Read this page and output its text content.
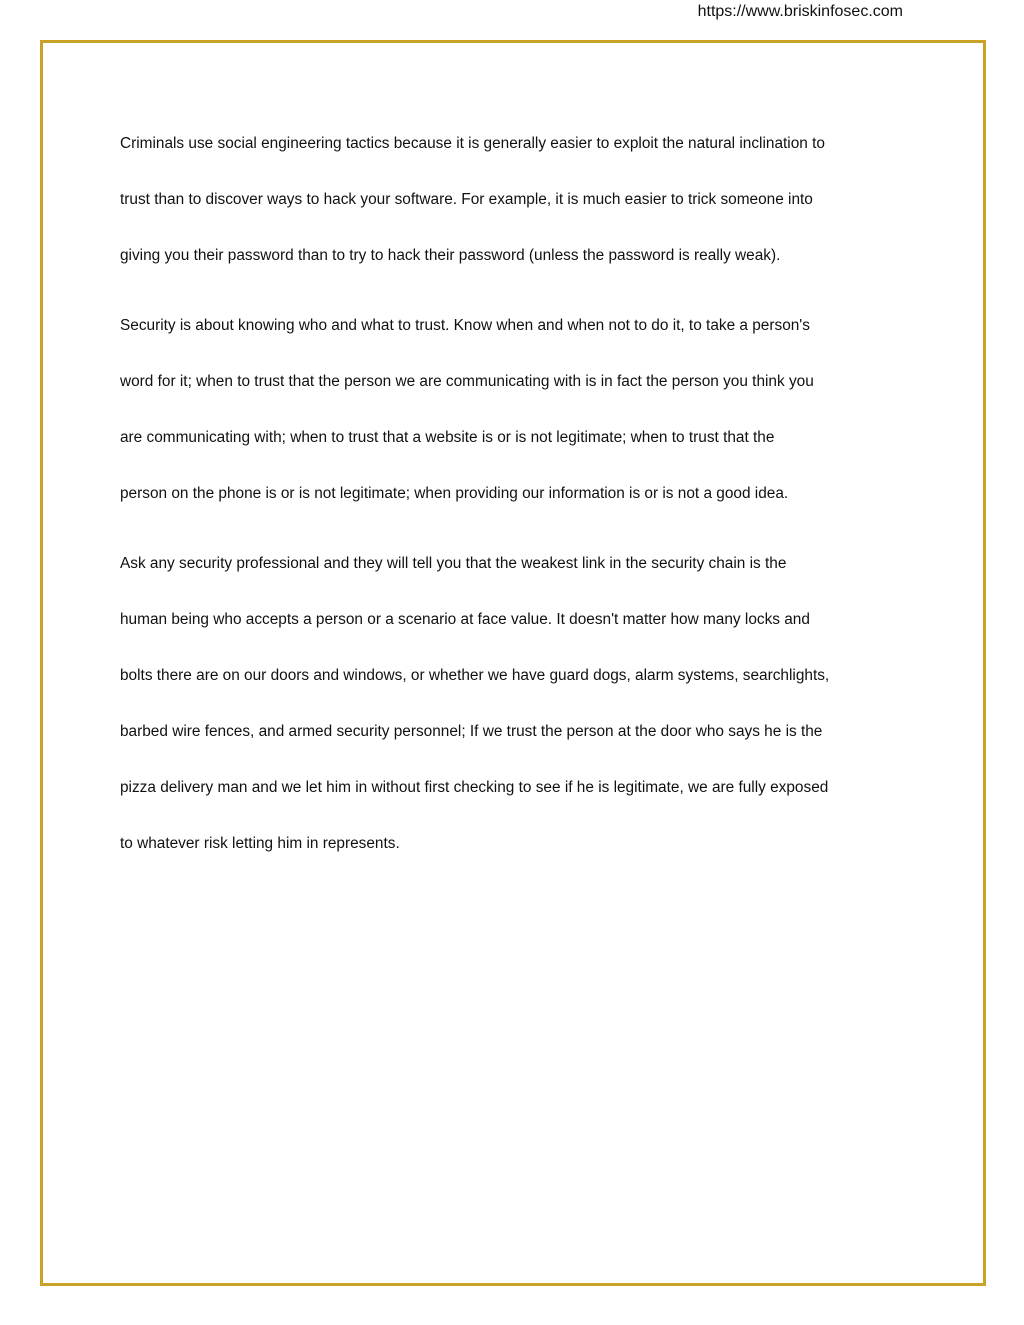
https://www.briskinfosec.com

Criminals use social engineering tactics because it is generally easier to exploit the natural inclination to
trust than to discover ways to hack your software. For example, it is much easier to trick someone into
giving you their password than to try to hack their password (unless the password is really weak).

Security is about knowing who and what to trust. Know when and when not to do it, to take a person's
word for it; when to trust that the person we are communicating with is in fact the person you think you
are communicating with; when to trust that a website is or is not legitimate; when to trust that the
person on the phone is or is not legitimate; when providing our information is or is not a good idea.

Ask any security professional and they will tell you that the weakest link in the security chain is the
human being who accepts a person or a scenario at face value. It doesn't matter how many locks and
bolts there are on our doors and windows, or whether we have guard dogs, alarm systems, searchlights,
barbed wire fences, and armed security personnel; If we trust the person at the door who says he is the
pizza delivery man and we let him in without first checking to see if he is legitimate, we are fully exposed
to whatever risk letting him in represents.
